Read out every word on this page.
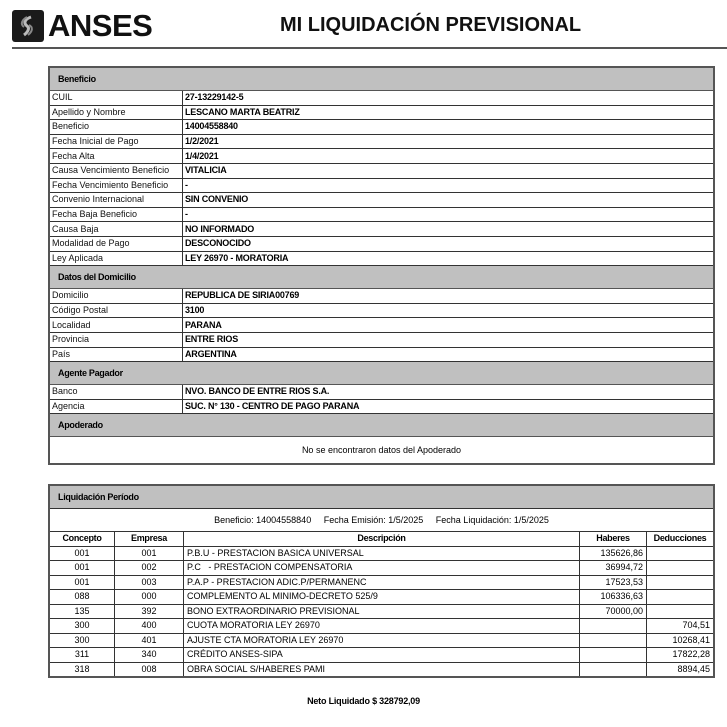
ANSES	MI LIQUIDACIÓN PREVISIONAL
Beneficio	
CUIL	27-13229142-5
Apellido y Nombre	LESCANO MARTA BEATRIZ
Beneficio	14004558840
Fecha Inicial de Pago	1/2/2021
Fecha Alta	1/4/2021
Causa Vencimiento Beneficio	VITALICIA
Fecha Vencimiento Beneficio	-
Convenio Internacional	SIN CONVENIO
Fecha Baja Beneficio	-
Causa Baja	NO INFORMADO
Modalidad de Pago	DESCONOCIDO
Ley Aplicada	LEY 26970 - MORATORIA
Datos del Domicilio	
Domicilio	REPUBLICA DE SIRIA00769
Código Postal	3100
Localidad	PARANA
Provincia	ENTRE RIOS
País	ARGENTINA
Agente Pagador	
Banco	NVO. BANCO DE ENTRE RIOS S.A.
Agencia	SUC. N° 130 - CENTRO DE PAGO PARANA
Apoderado	
No se encontraron datos del Apoderado	
Liquidación Período				
Beneficio: 14004558840 Fecha Emisión: 1/5/2025 Fecha Liquidación: 1/5/2025				
Concepto	Empresa	Descripción	Haberes	Deducciones
001	001	P.B.U - PRESTACION BASICA UNIVERSAL	135626,86	
001	002	P.C   - PRESTACION COMPENSATORIA	36994,72	
001	003	P.A.P - PRESTACION ADIC.P/PERMANENC	17523,53	
088	000	COMPLEMENTO AL MINIMO-DECRETO 525/9	106336,63	
135	392	BONO EXTRAORDINARIO PREVISIONAL	70000,00	
300	400	CUOTA MORATORIA LEY 26970		704,51
300	401	AJUSTE CTA MORATORIA LEY 26970		10268,41
311	340	CRÉDITO ANSES-SIPA		17822,28
318	008	OBRA SOCIAL S/HABERES PAMI		8894,45
Neto Liquidado $ 328792,09
